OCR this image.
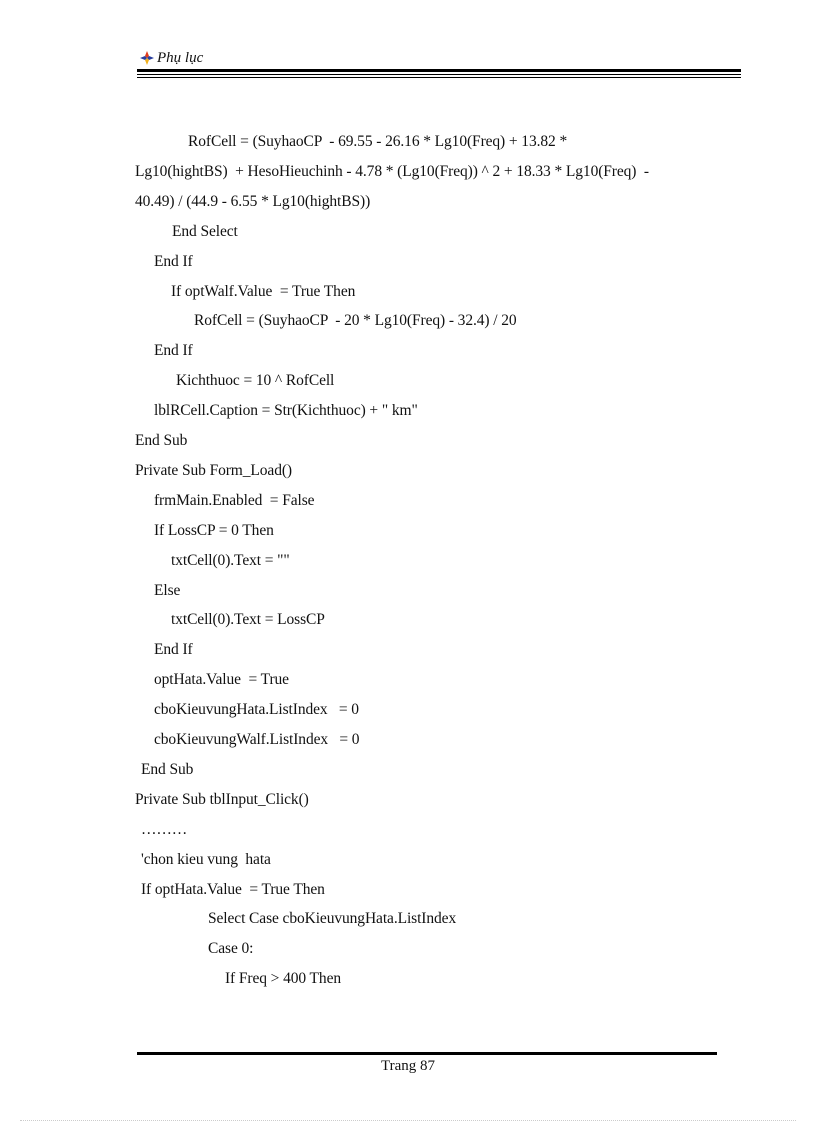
Phụ lục
RofCell = (SuyhaoCP  - 69.55 - 26.16 * Lg10(Freq) + 13.82 *
Lg10(hightBS)  + HesoHieuchinh - 4.78 * (Lg10(Freq)) ^ 2 + 18.33 * Lg10(Freq)  -
40.49) / (44.9 - 6.55 * Lg10(hightBS))
End Select
End If
If optWalf.Value  = True Then
RofCell = (SuyhaoCP  - 20 * Lg10(Freq) - 32.4) / 20
End If
Kichthuoc = 10 ^ RofCell
lblRCell.Caption = Str(Kichthuoc) + " km"
End Sub
Private Sub Form_Load()
frmMain.Enabled  = False
If LossCP = 0 Then
txtCell(0).Text = ""
Else
txtCell(0).Text = LossCP
End If
optHata.Value  = True
cboKieuvungHata.ListIndex   = 0
cboKieuvungWalf.ListIndex   = 0
End Sub
Private Sub tblInput_Click()
………
'chon kieu vung  hata
If optHata.Value  = True Then
Select Case cboKieuvungHata.ListIndex
Case 0:
If Freq > 400 Then
Trang 87
